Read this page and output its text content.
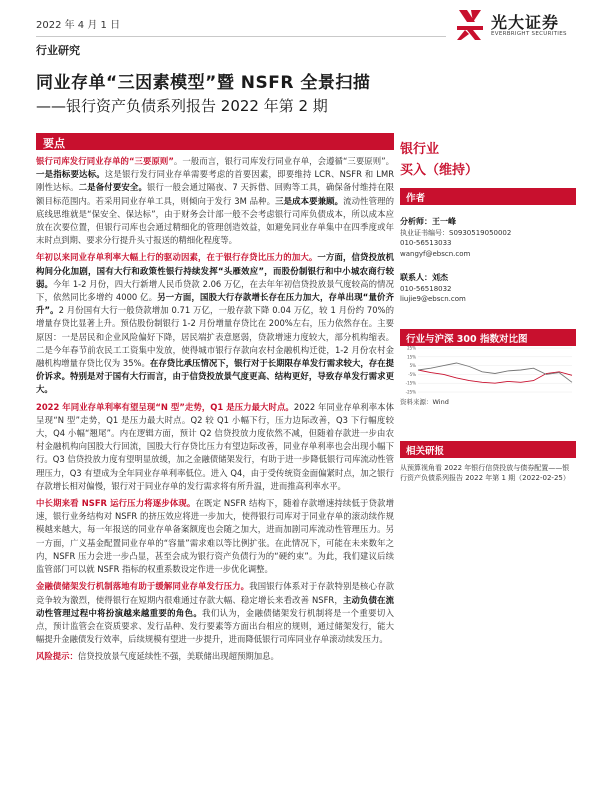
2022 年 4 月 1 日	光大证券
EVERBRIGHT SECURITIES
行业研究
同业存单“三因素模型”暨 NSFR 全景扫描
——银行资产负债系列报告 2022 年第 2 期
要点

银行司库发行同业存单的“三要原则”。一般而言，银行司库发行同业存单，会遵循“三要原则”。一是指标要达标。这是银行发行同业存单需要考虑的首要因素，即要维持 LCR、NSFR 和 LMR 刚性达标。二是备付要安全。银行一般会通过隔夜、7 天拆借、回购等工具，确保备付维持在限额目标范围内。若采用同业存单工具，则倾向于发行 3M 品种。三是成本要兼顾。流动性管理的底线思维就是“保安全、保达标”，由于财务会计部一般不会考虑银行司库负债成本，所以成本应放在次要位置，但银行司库也会通过精细化的管理创造效益，如避免同业存单集中在四季度或年末时点到期、要求分行提升头寸报送的精细化程度等。

年初以来同业存单利率大幅上行的驱动因素，在于银行存贷比压力的加大。一方面，信贷投放机构间分化加剧，国有大行和政策性银行持续发挥“头雁效应”，而股份制银行和中小城农商行较弱。今年 1-2 月份，四大行新增人民币贷款 2.06 万亿，在去年年初信贷投放景气度较高的情况下，依然同比多增约 4000 亿。另一方面，国股大行存款增长存在压力加大，存单出现“量价齐升”。2 月份国有大行一般贷款增加 0.71 万亿，一般存款下降 0.04 万亿，较 1 月份约 70%的增量存贷比显著上升。预估股份制银行 1-2 月份增量存贷比在 200%左右，压力依然存在。主要原因：一是居民和企业风险偏好下降，居民端扩表意愿弱，贷款增速力度较大，部分机构缩表。二是今年春节前农民工工资集中发放，使得城市银行存款向农村金融机构迁徙，1-2 月份农村金融机构增量存贷比仅为 35%。在存贷比承压情况下，银行对于长期限存单发行需求较大，存在提价诉求。特别是对于国有大行而言，由于信贷投放景气度更高、结构更好，导致存单发行需求更大。

2022 年同业存单利率有望呈现“N 型”走势，Q1 是压力最大时点。2022 年同业存单利率本体呈现“N 型”走势，Q1 是压力最大时点。Q2 较 Q1 小幅下行，压力边际改善，Q3 下行幅度较大，Q4 小幅“翘尾”。内在逻辑方面，预计 Q2 信贷投放力度依然不减，但随着存款进一步由农村金融机构向国股大行回流，国股大行存贷比压力有望边际改善，同业存单利率也会出现小幅下行。Q3 信贷投放力度有望明显放缓，加之金融债储架发行，有助于进一步降低银行司库流动性管理压力，Q3 有望成为全年同业存单利率低位。进入 Q4，由于受传统资金面偏紧时点，加之银行存款增长相对偏慢，银行对于同业存单的发行需求将有所升温，进而推高利率水平。

中长期来看 NSFR 运行压力将逐步体现。在既定 NSFR 结构下，随着存款增速持续低于贷款增速，银行业务结构对 NSFR 的挤压效应将进一步加大，使得银行司库对于同业存单的滚动续作规模越来越大，每一年报送的同业存单备案额度也会随之加大，进而加剧司库流动性管理压力。另一方面，广义基金配置同业存单的“容量”需求难以等比例扩张。在此情况下，可能在未来数年之内，NSFR 压力会进一步凸显，甚至会成为银行资产负债行为的“硬约束”。为此，我们建议后续监管部门可以就 NSFR 指标的权重系数设定作进一步优化调整。

金融债储架发行机制落地有助于缓解同业存单发行压力。我国银行体系对于存款特别是核心存款竞争较为激烈，使得银行在短期内很难通过存款大幅、稳定增长来看改善 NSFR，主动负债在流动性管理过程中将扮演越来越重要的角色。我们认为，金融债储架发行机制将是一个重要切入点，预计监管会在资质要求、发行品种、发行要素等方面出台相应的规则，通过储架发行，能大幅提升金融债发行效率，后续规模有望进一步提升，进而降低银行司库同业存单滚动续发压力。

风险提示：信贷投放景气度延续性不强，美联储出现超预期加息。

银行业
买入（维持）
作者
分析师：王一峰
执业证书编号：S0930519050002
010-56513033
wangyf@ebscn.com
联系人：刘杰
010-56518032
liujie9@ebscn.com
行业与沪深 300 指数对比图
-25%
-15%
-5%
5%
15%
25%
资料来源：Wind
相关研报
从预算视角看 2022 年银行信贷投放与债券配置——银行资产负债系列报告 2022 年第 1 期（2022-02-25）
